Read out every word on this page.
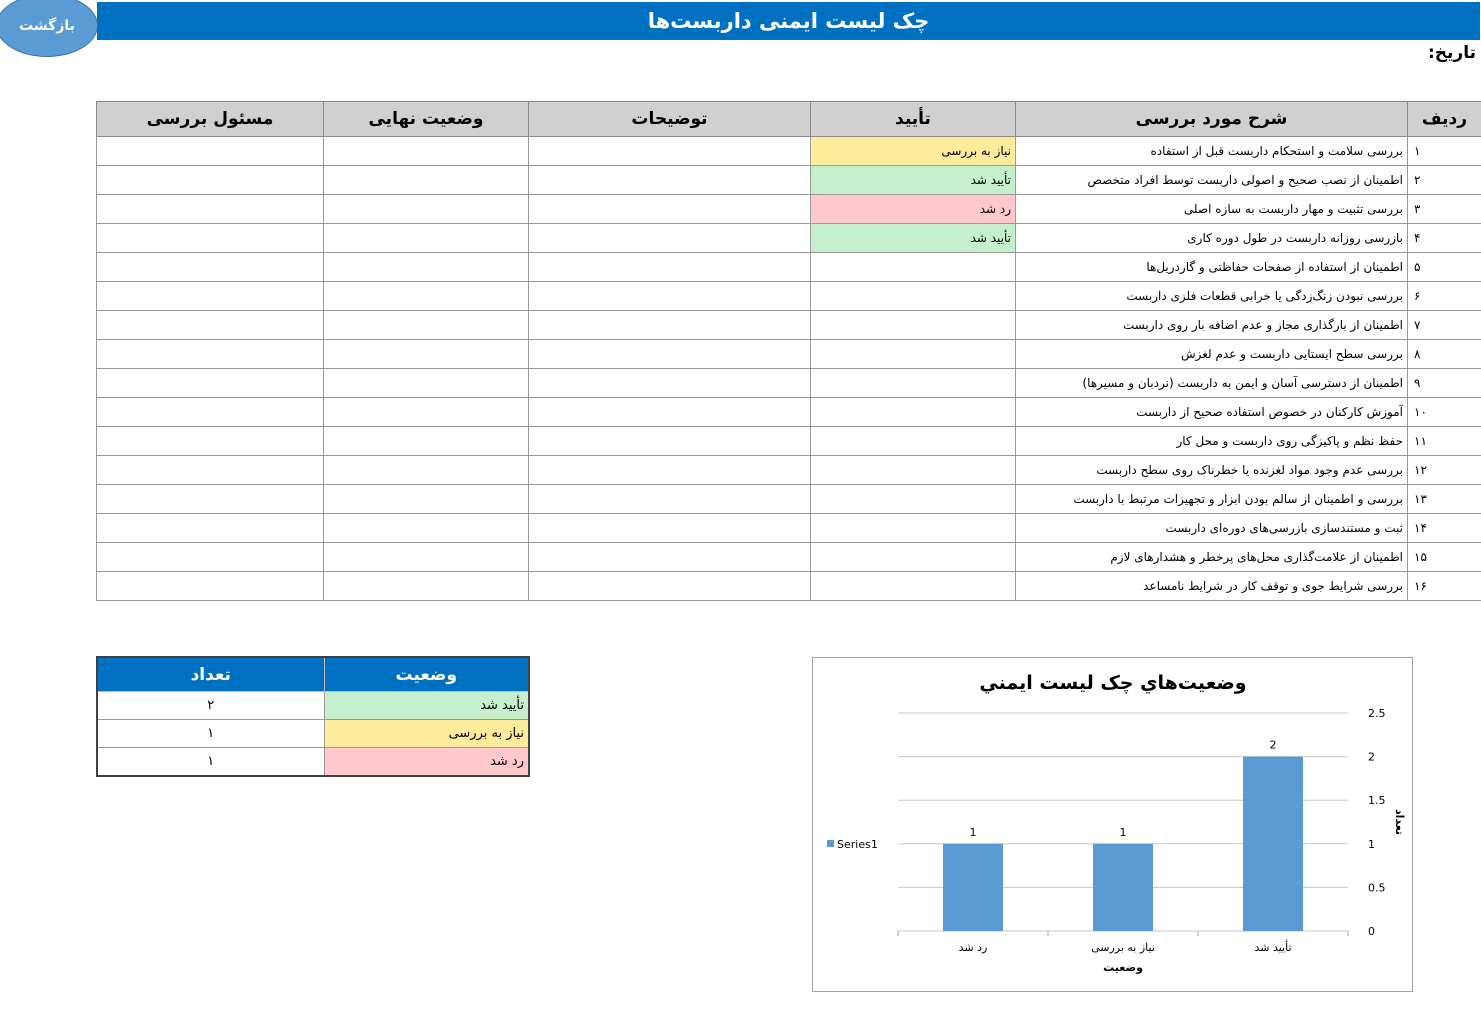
چک لیست ایمنی داربست‌ها
بازگشت
تاریخ:
ردیف	شرح مورد بررسی	تأیید	توضیحات	وضعیت نهایی	مسئول بررسی
۱	بررسی سلامت و استحکام داربست قبل از استفاده	نیاز به بررسی			
۲	اطمینان از نصب صحیح و اصولی داربست توسط افراد متخصص	تأیید شد			
۳	بررسی تثبیت و مهار داربست به سازه اصلی	رد شد			
۴	بازرسی روزانه داربست در طول دوره کاری	تأیید شد			
۵	اطمینان از استفاده از صفحات حفاظتی و گاردریل‌ها				
۶	بررسی نبودن زنگ‌زدگی یا خرابی قطعات فلزی داربست				
۷	اطمینان از بارگذاری مجاز و عدم اضافه بار روی داربست				
۸	بررسی سطح ایستایی داربست و عدم لغزش				
۹	اطمینان از دسترسی آسان و ایمن به داربست (نردبان و مسیرها)				
۱۰	آموزش کارکنان در خصوص استفاده صحیح از داربست				
۱۱	حفظ نظم و پاکیزگی روی داربست و محل کار				
۱۲	بررسی عدم وجود مواد لغزنده یا خطرناک روی سطح داربست				
۱۳	بررسی و اطمینان از سالم بودن ابزار و تجهیزات مرتبط با داربست				
۱۴	ثبت و مستندسازی بازرسی‌های دوره‌ای داربست				
۱۵	اطمینان از علامت‌گذاری محل‌های پرخطر و هشدارهای لازم				
۱۶	بررسی شرایط جوی و توقف کار در شرایط نامساعد				
تعداد	وضعیت
۲	تأیید شد
۱	نیاز به بررسی
۱	رد شد
وضعيت‌هاي چک ليست ايمني
0
0.5
1
1.5
2
2.5
2
تأیید شد
1
نیاز به بررسی
1
رد شد
وضعیت
تعداد
Series1
